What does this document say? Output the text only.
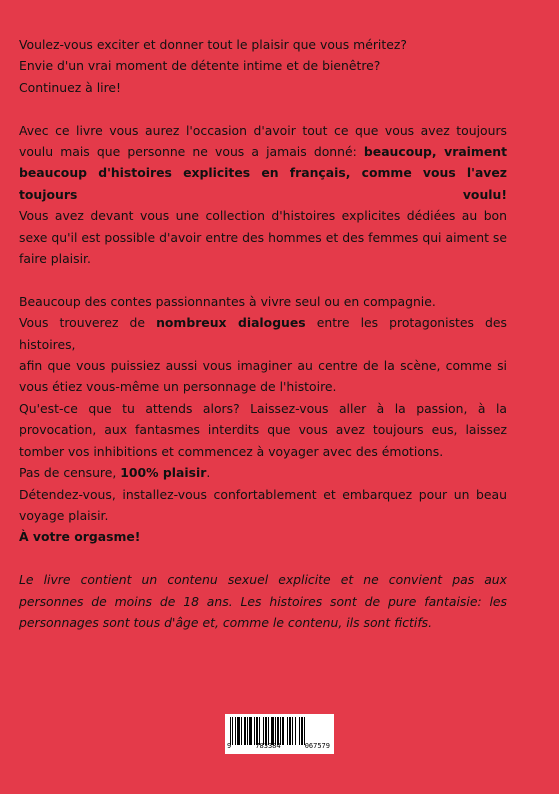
Voulez-vous exciter et donner tout le plaisir que vous méritez?
Envie d'un vrai moment de détente intime et de bienêtre?
Continuez à lire!
Avec ce livre vous aurez l'occasion d'avoir tout ce que vous avez toujours
voulu mais que personne ne vous a jamais donné: beaucoup, vraiment
beaucoup d'histoires explicites en français, comme vous l'avez toujours voulu!
Vous avez devant vous une collection d'histoires explicites dédiées au bon
sexe qu'il est possible d'avoir entre des hommes et des femmes qui aiment se
faire plaisir.
Beaucoup des contes passionnantes à vivre seul ou en compagnie.
Vous trouverez de nombreux dialogues entre les protagonistes des histoires,
afin que vous puissiez aussi vous imaginer au centre de la scène, comme si
vous étiez vous-même un personnage de l'histoire.
Qu'est-ce que tu attends alors? Laissez-vous aller à la passion, à la
provocation, aux fantasmes interdits que vous avez toujours eus, laissez
tomber vos inhibitions et commencez à voyager avec des émotions.
Pas de censure, 100% plaisir.
Détendez-vous, installez-vous confortablement et embarquez pour un beau
voyage plaisir.
À votre orgasme!
Le livre contient un contenu sexuel explicite et ne convient pas aux
personnes de moins de 18 ans. Les histoires sont de pure fantaisie: les
personnages sont tous d'âge et, comme le contenu, ils sont fictifs.
9	783384	067579
